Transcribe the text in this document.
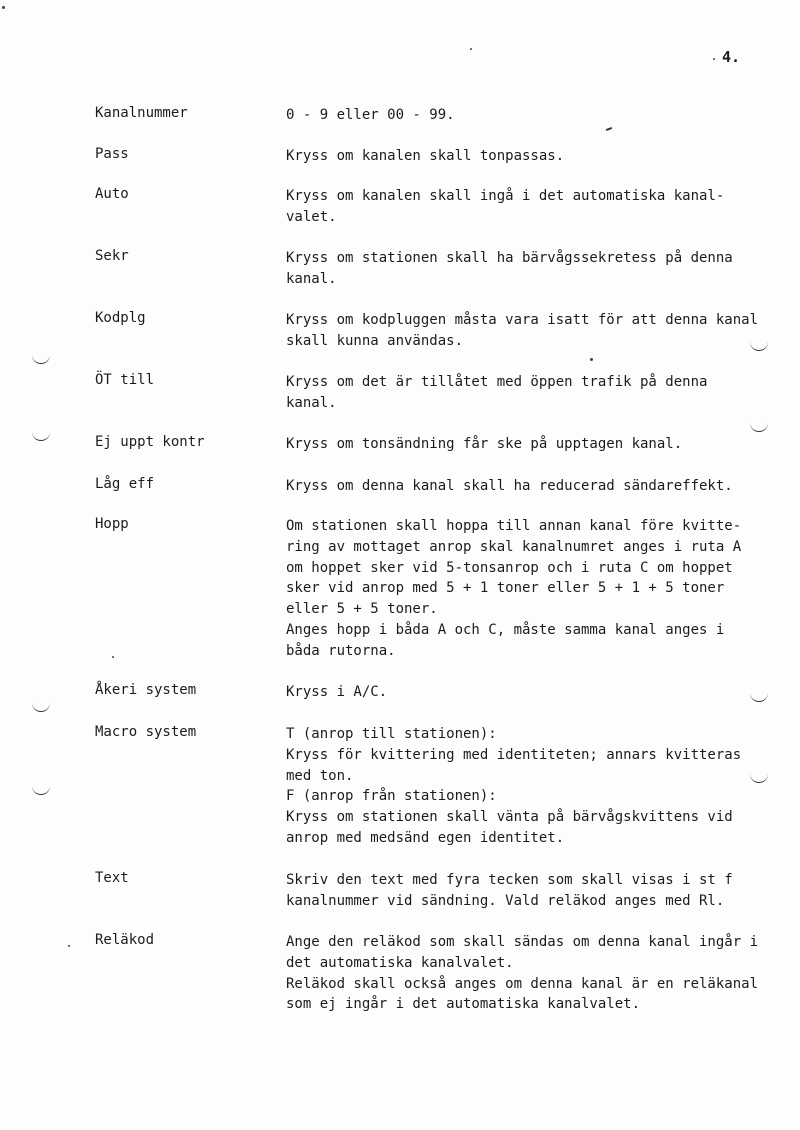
4.
Kanalnummer	0 - 9 eller 00 - 99.
Pass	Kryss om kanalen skall tonpassas.
Auto	Kryss om kanalen skall ingå i det automatiska kanal-
valet.
Sekr	Kryss om stationen skall ha bärvågssekretess på denna
kanal.
Kodplg	Kryss om kodpluggen måsta vara isatt för att denna kanal
skall kunna användas.
ÖT till	Kryss om det är tillåtet med öppen trafik på denna
kanal.
Ej uppt kontr	Kryss om tonsändning får ske på upptagen kanal.
Låg eff	Kryss om denna kanal skall ha reducerad sändareffekt.
Hopp	Om stationen skall hoppa till annan kanal före kvitte-
ring av mottaget anrop skal kanalnumret anges i ruta A
om hoppet sker vid 5-tonsanrop och i ruta C om hoppet
sker vid anrop med 5 + 1 toner eller 5 + 1 + 5 toner
eller 5 + 5 toner.
Anges hopp i båda A och C, måste samma kanal anges i
båda rutorna.
Åkeri system	Kryss i A/C.
Macro system	T (anrop till stationen):
Kryss för kvittering med identiteten; annars kvitteras
med ton.
F (anrop från stationen):
Kryss om stationen skall vänta på bärvågskvittens vid
anrop med medsänd egen identitet.
Text	Skriv den text med fyra tecken som skall visas i st f
kanalnummer vid sändning. Vald reläkod anges med Rl.
Reläkod	Ange den reläkod som skall sändas om denna kanal ingår i
det automatiska kanalvalet.
Reläkod skall också anges om denna kanal är en reläkanal
som ej ingår i det automatiska kanalvalet.
